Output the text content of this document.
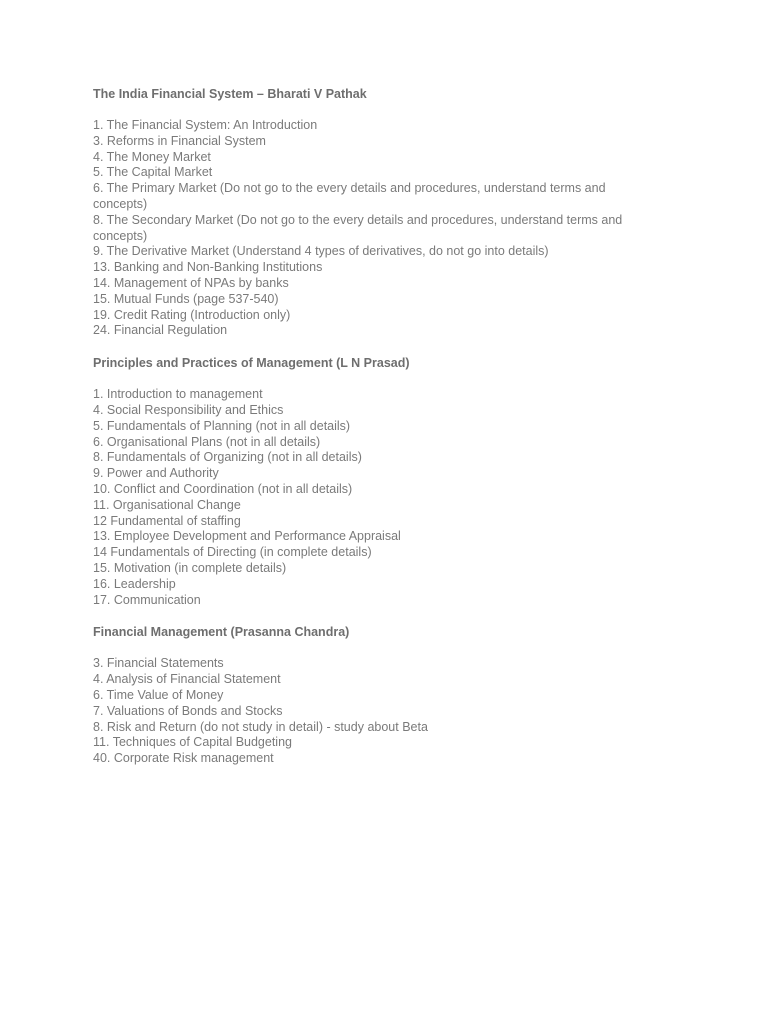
The India Financial System – Bharati V Pathak
1. The Financial System: An Introduction
3. Reforms in Financial System
4. The Money Market
5. The Capital Market
6. The Primary Market (Do not go to the every details and procedures, understand terms and concepts)
8. The Secondary Market (Do not go to the every details and procedures, understand terms and concepts)
9. The Derivative Market (Understand 4 types of derivatives, do not go into details)
13. Banking and Non-Banking Institutions
14. Management of NPAs by banks
15. Mutual Funds (page 537-540)
19. Credit Rating (Introduction only)
24. Financial Regulation
Principles and Practices of Management (L N Prasad)
1. Introduction to management
4. Social Responsibility and Ethics
5. Fundamentals of Planning (not in all details)
6. Organisational Plans (not in all details)
8. Fundamentals of Organizing (not in all details)
9. Power and Authority
10. Conflict and Coordination (not in all details)
11. Organisational Change
12 Fundamental of staffing
13. Employee Development and Performance Appraisal
14 Fundamentals of Directing (in complete details)
15. Motivation (in complete details)
16. Leadership
17. Communication
Financial Management (Prasanna Chandra)
3. Financial Statements
4. Analysis of Financial Statement
6. Time Value of Money
7. Valuations of Bonds and Stocks
8. Risk and Return (do not study in detail) - study about Beta
11. Techniques of Capital Budgeting
40. Corporate Risk management
